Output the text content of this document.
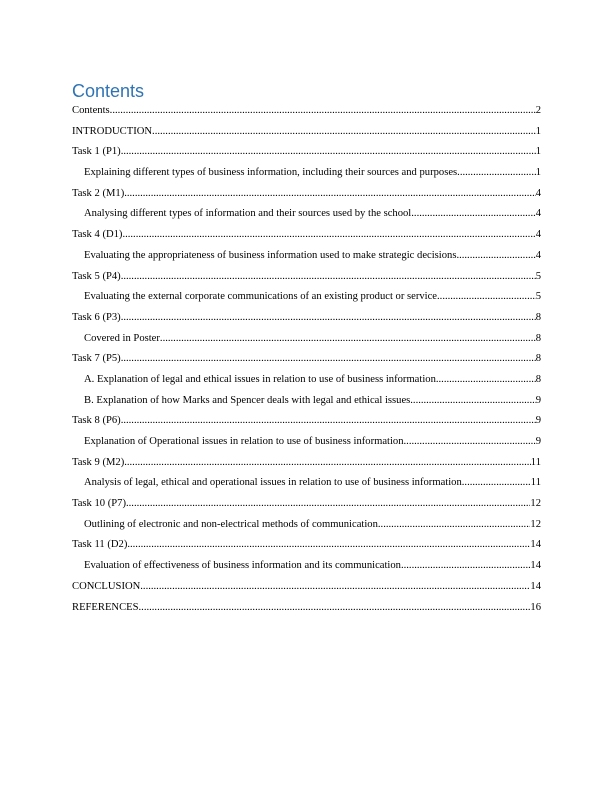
Contents
Contents .....	2
INTRODUCTION .....	1
Task 1 (P1) .....	1
Explaining different types of business information, including their sources and purposes .....	1
Task 2 (M1) .....	4
Analysing different types of information and their sources used by the school .....	4
Task 4 (D1) .....	4
Evaluating the appropriateness of business information used to make strategic decisions .....	4
Task 5 (P4) .....	5
Evaluating the external corporate communications of an existing product or service .....	5
Task 6 (P3) .....	8
Covered in Poster .....	8
Task 7 (P5) .....	8
A. Explanation of legal and ethical issues in relation to use of business information .....	8
B. Explanation of how Marks and Spencer deals with legal and ethical issues .....	9
Task 8 (P6) .....	9
Explanation of Operational issues in relation to use of business information .....	9
Task 9 (M2) .....	11
Analysis of legal, ethical and operational issues in relation to use of business information .....	11
Task 10 (P7) .....	12
Outlining of electronic and non-electrical methods of communication .....	12
Task 11 (D2) .....	14
Evaluation of effectiveness of business information and its communication .....	14
CONCLUSION .....	14
REFERENCES .....	16
